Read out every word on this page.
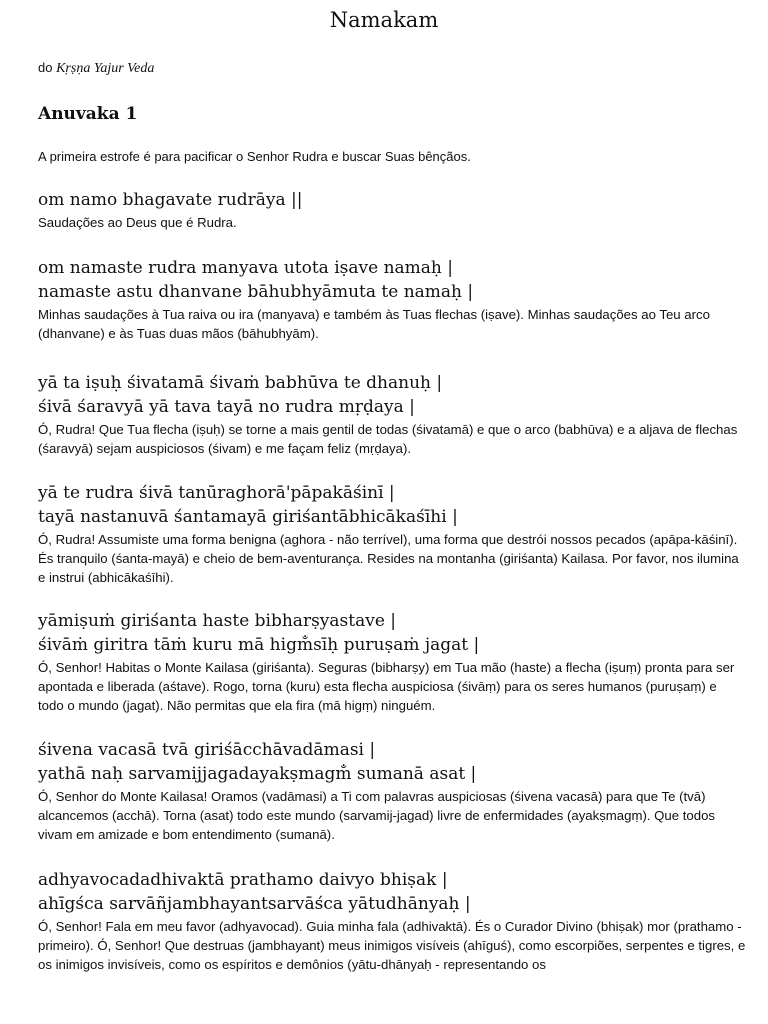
Namakam
do Kṛṣṇa Yajur Veda
Anuvaka 1
A primeira estrofe é para pacificar o Senhor Rudra e buscar Suas bênçãos.
om namo bhagavate rudrāya ||
Saudações ao Deus que é Rudra.
om namaste rudra manyava utota iṣave namaḥ |
namaste astu dhanvane bāhubhyāmuta te namaḥ |
Minhas saudações à Tua raiva ou ira (manyava) e também às Tuas flechas (iṣave). Minhas saudações ao Teu arco (dhanvane) e às Tuas duas mãos (bāhubhyām).
yā ta iṣuḥ śivatamā śivaṁ babhūva te dhanuḥ |
śivā śaravyā yā tava tayā no rudra mṛḍaya |
Ó, Rudra! Que Tua flecha (iṣuḥ) se torne a mais gentil de todas (śivatamā) e que o arco (babhūva) e a aljava de flechas (śaravyā) sejam auspiciosos (śivam) e me façam feliz (mṛḍaya).
yā te rudra śivā tanūraghorā'pāpakāśinī |
tayā nastanuvā śantamayā giriśantābhicākaśīhi |
Ó, Rudra! Assumiste uma forma benigna (aghora - não terrível), uma forma que destrói nossos pecados (apāpa-kāśinī). És tranquilo (śanta-mayā) e cheio de bem-aventurança. Resides na montanha (giriśanta) Kailasa. Por favor, nos ilumina e instrui (abhicākaśīhi).
yāmiṣuṁ giriśanta haste bibharṣyastave |
śivāṁ giritra tāṁ kuru mā higm̐sīḥ puruṣaṁ jagat |
Ó, Senhor! Habitas o Monte Kailasa (giriśanta). Seguras (bibharṣy) em Tua mão (haste) a flecha (iṣuṃ) pronta para ser apontada e liberada (aśtave). Rogo, torna (kuru) esta flecha auspiciosa (śivāṃ) para os seres humanos (puruṣaṃ) e todo o mundo (jagat). Não permitas que ela fira (mā higṃ) ninguém.
śivena vacasā tvā giriśācchāvadāmasi |
yathā naḥ sarvamijjagadayakṣmagm̐ sumanā asat |
Ó, Senhor do Monte Kailasa! Oramos (vadāmasi) a Ti com palavras auspiciosas (śivena vacasā) para que Te (tvā) alcancemos (acchā). Torna (asat) todo este mundo (sarvamij-jagad) livre de enfermidades (ayakṣmagṃ). Que todos vivam em amizade e bom entendimento (sumanā).
adhyavocadadhivaktā prathamo daivyo bhiṣak |
ahīgśca sarvāñjambhayantsarvāśca yātudhānyaḥ |
Ó, Senhor! Fala em meu favor (adhyavocad). Guia minha fala (adhivaktā). És o Curador Divino (bhiṣak) mor (prathamo - primeiro). Ó, Senhor! Que destruas (jambhayant) meus inimigos visíveis (ahīguś), como escorpiões, serpentes e tigres, e os inimigos invisíveis, como os espíritos e demônios (yātu-dhānyaḥ - representando os
